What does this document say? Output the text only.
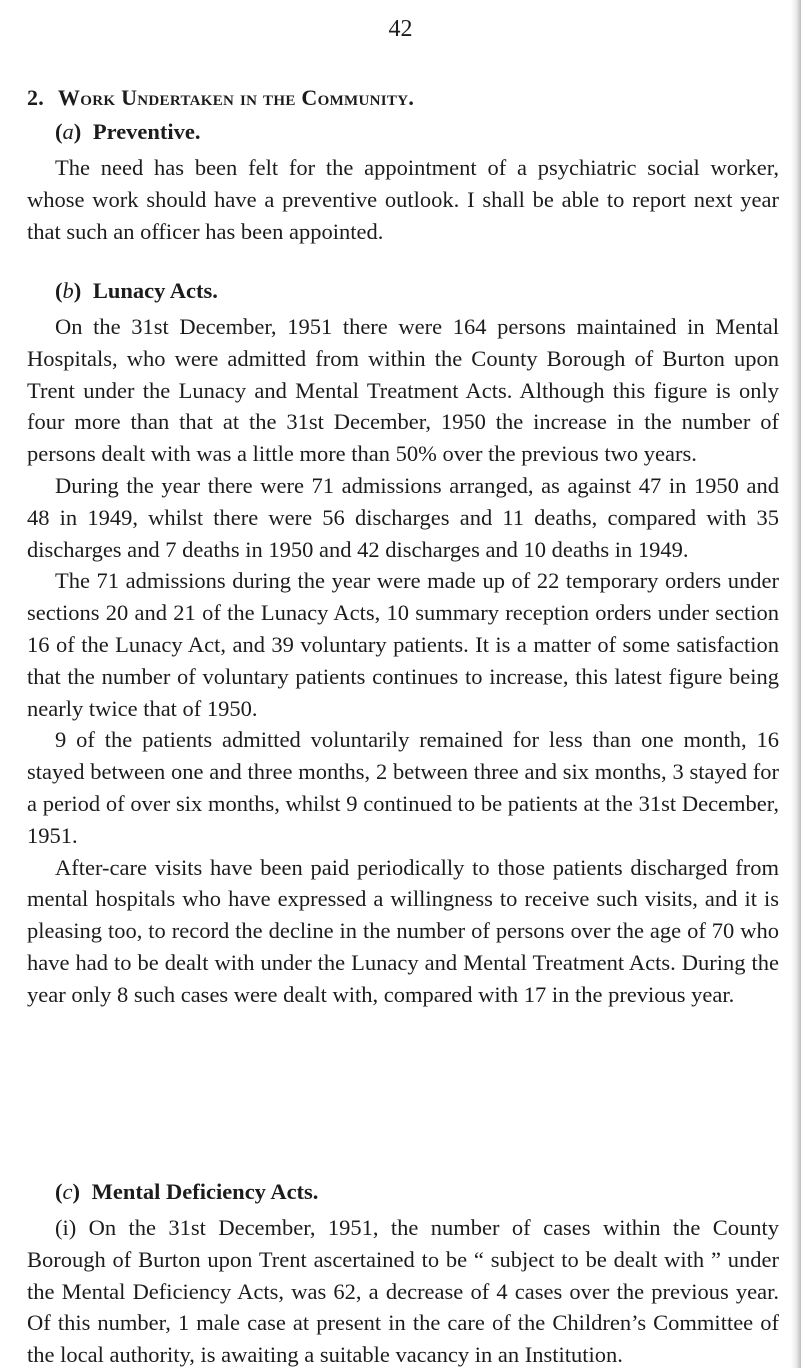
42
2. Work Undertaken in the Community.
(a) Preventive.

The need has been felt for the appointment of a psychiatric social worker, whose work should have a preventive outlook. I shall be able to report next year that such an officer has been appointed.

(b) Lunacy Acts.

On the 31st December, 1951 there were 164 persons maintained in Mental Hospitals, who were admitted from within the County Borough of Burton upon Trent under the Lunacy and Mental Treatment Acts. Although this figure is only four more than that at the 31st December, 1950 the increase in the number of persons dealt with was a little more than 50% over the previous two years.

During the year there were 71 admissions arranged, as against 47 in 1950 and 48 in 1949, whilst there were 56 discharges and 11 deaths, compared with 35 discharges and 7 deaths in 1950 and 42 discharges and 10 deaths in 1949.

The 71 admissions during the year were made up of 22 temporary orders under sections 20 and 21 of the Lunacy Acts, 10 summary reception orders under section 16 of the Lunacy Act, and 39 voluntary patients. It is a matter of some satisfaction that the number of voluntary patients continues to increase, this latest figure being nearly twice that of 1950.

9 of the patients admitted voluntarily remained for less than one month, 16 stayed between one and three months, 2 between three and six months, 3 stayed for a period of over six months, whilst 9 continued to be patients at the 31st December, 1951.

After-care visits have been paid periodically to those patients discharged from mental hospitals who have expressed a willingness to receive such visits, and it is pleasing too, to record the decline in the number of persons over the age of 70 who have had to be dealt with under the Lunacy and Mental Treatment Acts. During the year only 8 such cases were dealt with, compared with 17 in the previous year.

(c) Mental Deficiency Acts.

(i) On the 31st December, 1951, the number of cases within the County Borough of Burton upon Trent ascertained to be “ subject to be dealt with ” under the Mental Deficiency Acts, was 62, a decrease of 4 cases over the previous year. Of this number, 1 male case at present in the care of the Children’s Committee of the local authority, is awaiting a suitable vacancy in an Institution.
